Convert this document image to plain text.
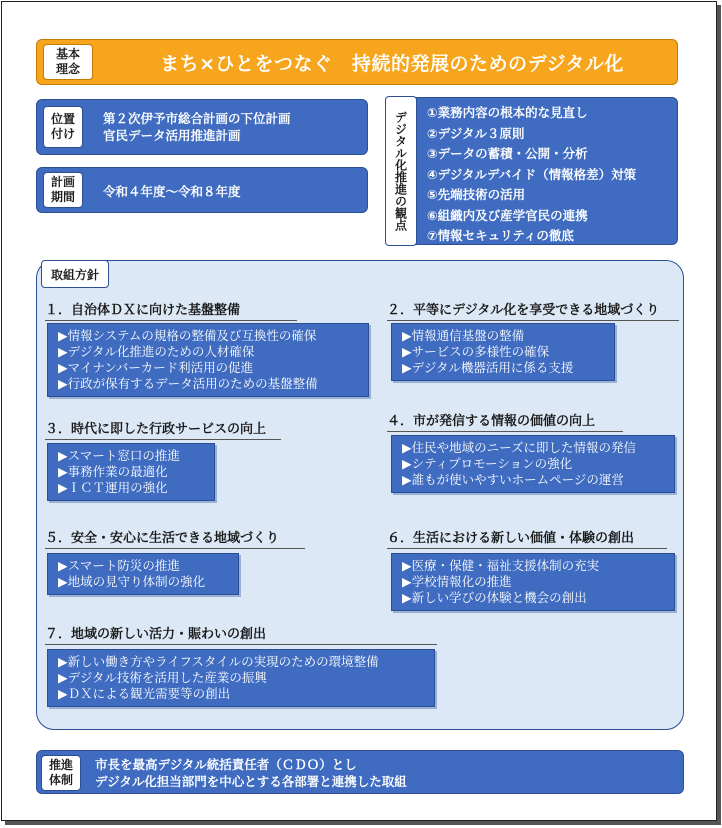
基本
理念	まち×ひとをつなぐ　持続的発展のためのデジタル化
位置
付け
第２次伊予市総合計画の下位計画
官民データ活用推進計画
計画
期間	令和４年度～令和８年度	デジタル化推進の観点	①業務内容の根本的な見直し
②デジタル３原則
③データの蓄積・公開・分析
④デジタルデバイド（情報格差）対策
⑤先端技術の活用
⑥組織内及び産学官民の連携
⑦情報セキュリティの徹底
取組方針
１．自治体ＤＸに向けた基盤整備
▶情報システムの規格の整備及び互換性の確保
▶デジタル化推進のための人材確保
▶マイナンバーカード利活用の促進
▶行政が保有するデータ活用のための基盤整備
２．平等にデジタル化を享受できる地域づくり
▶情報通信基盤の整備
▶サービスの多様性の確保
▶デジタル機器活用に係る支援
３．時代に即した行政サービスの向上
▶スマート窓口の推進
▶事務作業の最適化
▶ＩＣＴ運用の強化
４．市が発信する情報の価値の向上
▶住民や地域のニーズに即した情報の発信
▶シティプロモーションの強化
▶誰もが使いやすいホームページの運営
５．安全・安心に生活できる地域づくり
▶スマート防災の推進
▶地域の見守り体制の強化
６．生活における新しい価値・体験の創出
▶医療・保健・福祉支援体制の充実
▶学校情報化の推進
▶新しい学びの体験と機会の創出
７．地域の新しい活力・賑わいの創出
▶新しい働き方やライフスタイルの実現のための環境整備
▶デジタル技術を活用した産業の振興
▶ＤＸによる観光需要等の創出
推進
体制
市長を最高デジタル統括責任者（ＣＤＯ）とし
デジタル化担当部門を中心とする各部署と連携した取組
